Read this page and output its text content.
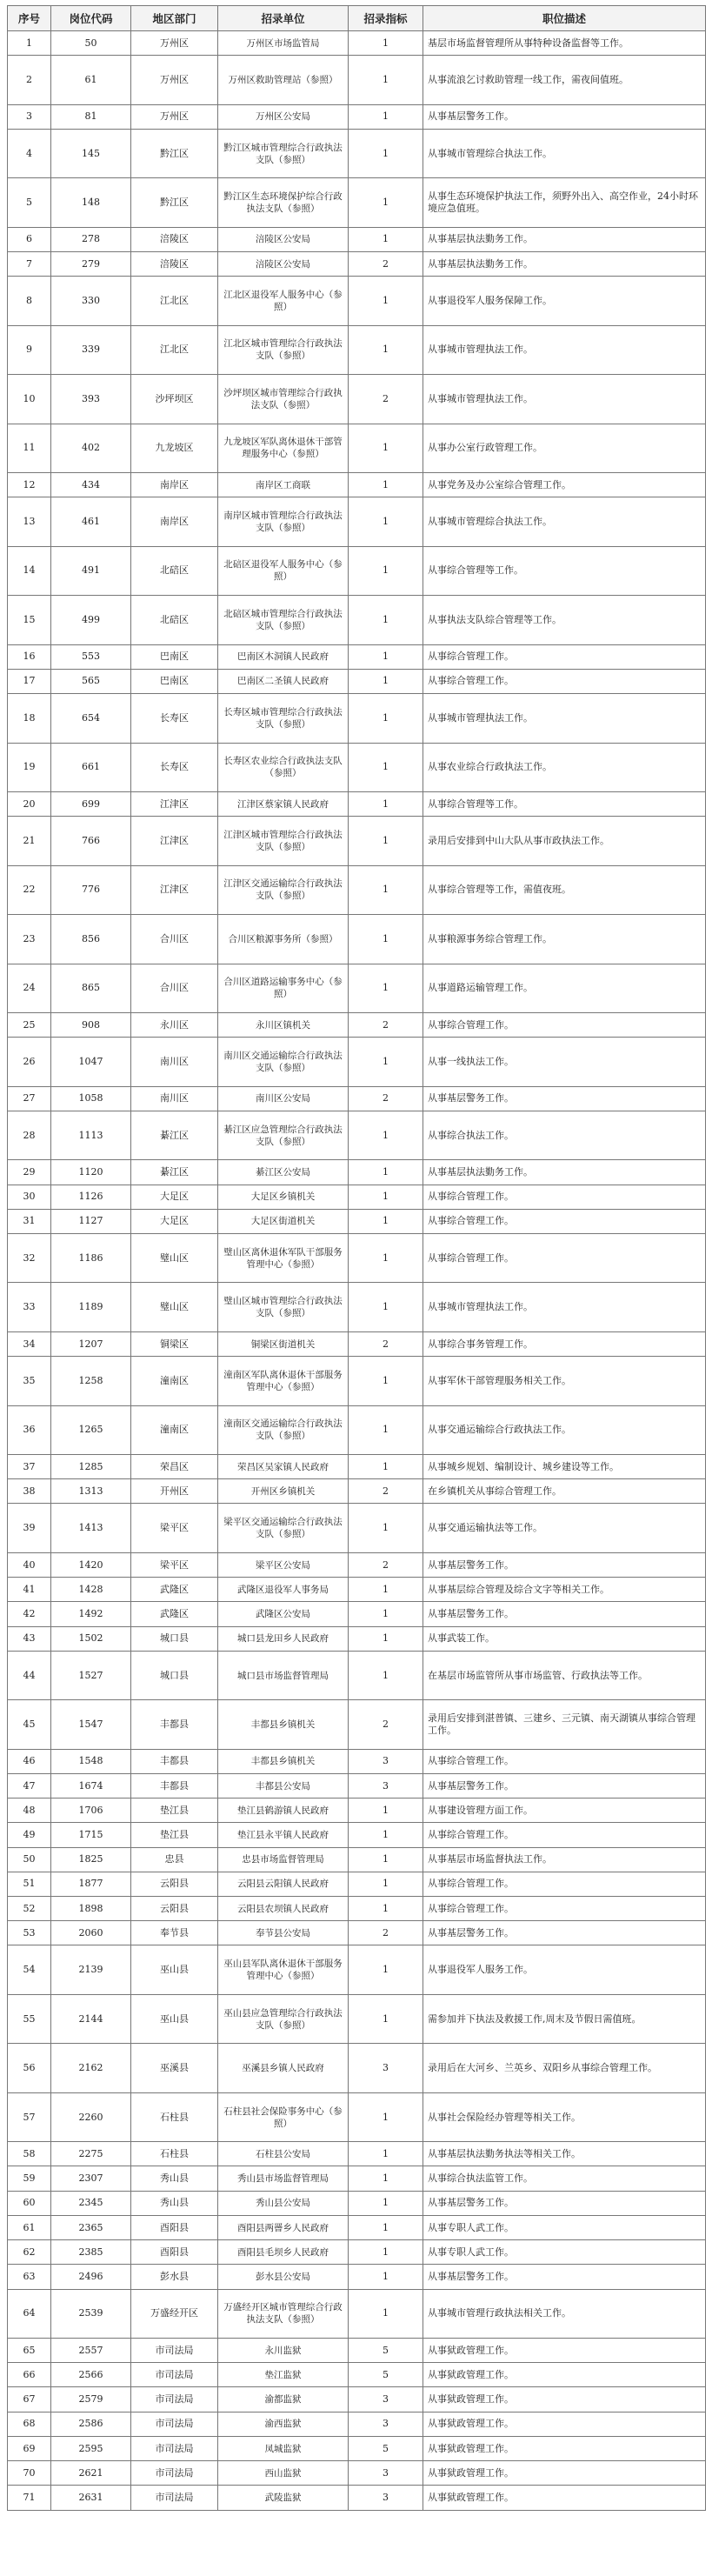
序号	岗位代码	地区部门	招录单位	招录指标	职位描述
1	50	万州区	万州区市场监管局	1	基层市场监督管理所从事特种设备监督等工作。
2	61	万州区	万州区救助管理站（参照）	1	从事流浪乞讨救助管理一线工作，需夜间值班。
3	81	万州区	万州区公安局	1	从事基层警务工作。
4	145	黔江区	黔江区城市管理综合行政执法支队（参照）	1	从事城市管理综合执法工作。
5	148	黔江区	黔江区生态环境保护综合行政执法支队（参照）	1	从事生态环境保护执法工作，须野外出入、高空作业，24小时环境应急值班。
6	278	涪陵区	涪陵区公安局	1	从事基层执法勤务工作。
7	279	涪陵区	涪陵区公安局	2	从事基层执法勤务工作。
8	330	江北区	江北区退役军人服务中心（参照）	1	从事退役军人服务保障工作。
9	339	江北区	江北区城市管理综合行政执法支队（参照）	1	从事城市管理执法工作。
10	393	沙坪坝区	沙坪坝区城市管理综合行政执法支队（参照）	2	从事城市管理执法工作。
11	402	九龙坡区	九龙坡区军队离休退休干部管理服务中心（参照）	1	从事办公室行政管理工作。
12	434	南岸区	南岸区工商联	1	从事党务及办公室综合管理工作。
13	461	南岸区	南岸区城市管理综合行政执法支队（参照）	1	从事城市管理综合执法工作。
14	491	北碚区	北碚区退役军人服务中心（参照）	1	从事综合管理等工作。
15	499	北碚区	北碚区城市管理综合行政执法支队（参照）	1	从事执法支队综合管理等工作。
16	553	巴南区	巴南区木洞镇人民政府	1	从事综合管理工作。
17	565	巴南区	巴南区二圣镇人民政府	1	从事综合管理工作。
18	654	长寿区	长寿区城市管理综合行政执法支队（参照）	1	从事城市管理执法工作。
19	661	长寿区	长寿区农业综合行政执法支队（参照）	1	从事农业综合行政执法工作。
20	699	江津区	江津区蔡家镇人民政府	1	从事综合管理等工作。
21	766	江津区	江津区城市管理综合行政执法支队（参照）	1	录用后安排到中山大队从事市政执法工作。
22	776	江津区	江津区交通运输综合行政执法支队（参照）	1	从事综合管理等工作，需值夜班。
23	856	合川区	合川区粮源事务所（参照）	1	从事粮源事务综合管理工作。
24	865	合川区	合川区道路运输事务中心（参照）	1	从事道路运输管理工作。
25	908	永川区	永川区镇机关	2	从事综合管理工作。
26	1047	南川区	南川区交通运输综合行政执法支队（参照）	1	从事一线执法工作。
27	1058	南川区	南川区公安局	2	从事基层警务工作。
28	1113	綦江区	綦江区应急管理综合行政执法支队（参照）	1	从事综合执法工作。
29	1120	綦江区	綦江区公安局	1	从事基层执法勤务工作。
30	1126	大足区	大足区乡镇机关	1	从事综合管理工作。
31	1127	大足区	大足区街道机关	1	从事综合管理工作。
32	1186	璧山区	璧山区离休退休军队干部服务管理中心（参照）	1	从事综合管理工作。
33	1189	璧山区	璧山区城市管理综合行政执法支队（参照）	1	从事城市管理执法工作。
34	1207	铜梁区	铜梁区街道机关	2	从事综合事务管理工作。
35	1258	潼南区	潼南区军队离休退休干部服务管理中心（参照）	1	从事军休干部管理服务相关工作。
36	1265	潼南区	潼南区交通运输综合行政执法支队（参照）	1	从事交通运输综合行政执法工作。
37	1285	荣昌区	荣昌区吴家镇人民政府	1	从事城乡规划、编制设计、城乡建设等工作。
38	1313	开州区	开州区乡镇机关	2	在乡镇机关从事综合管理工作。
39	1413	梁平区	梁平区交通运输综合行政执法支队（参照）	1	从事交通运输执法等工作。
40	1420	梁平区	梁平区公安局	2	从事基层警务工作。
41	1428	武隆区	武隆区退役军人事务局	1	从事基层综合管理及综合文字等相关工作。
42	1492	武隆区	武隆区公安局	1	从事基层警务工作。
43	1502	城口县	城口县龙田乡人民政府	1	从事武装工作。
44	1527	城口县	城口县市场监督管理局	1	在基层市场监管所从事市场监管、行政执法等工作。
45	1547	丰都县	丰都县乡镇机关	2	录用后安排到湛普镇、三建乡、三元镇、南天湖镇从事综合管理工作。
46	1548	丰都县	丰都县乡镇机关	3	从事综合管理工作。
47	1674	丰都县	丰都县公安局	3	从事基层警务工作。
48	1706	垫江县	垫江县鹤游镇人民政府	1	从事建设管理方面工作。
49	1715	垫江县	垫江县永平镇人民政府	1	从事综合管理工作。
50	1825	忠县	忠县市场监督管理局	1	从事基层市场监督执法工作。
51	1877	云阳县	云阳县云阳镇人民政府	1	从事综合管理工作。
52	1898	云阳县	云阳县农坝镇人民政府	1	从事综合管理工作。
53	2060	奉节县	奉节县公安局	2	从事基层警务工作。
54	2139	巫山县	巫山县军队离休退休干部服务管理中心（参照）	1	从事退役军人服务工作。
55	2144	巫山县	巫山县应急管理综合行政执法支队（参照）	1	需参加并下执法及救援工作,周末及节假日需值班。
56	2162	巫溪县	巫溪县乡镇人民政府	3	录用后在大河乡、兰英乡、双阳乡从事综合管理工作。
57	2260	石柱县	石柱县社会保险事务中心（参照）	1	从事社会保险经办管理等相关工作。
58	2275	石柱县	石柱县公安局	1	从事基层执法勤务执法等相关工作。
59	2307	秀山县	秀山县市场监督管理局	1	从事综合执法监管工作。
60	2345	秀山县	秀山县公安局	1	从事基层警务工作。
61	2365	酉阳县	酉阳县两罾乡人民政府	1	从事专职人武工作。
62	2385	酉阳县	酉阳县毛坝乡人民政府	1	从事专职人武工作。
63	2496	彭水县	彭水县公安局	1	从事基层警务工作。
64	2539	万盛经开区	万盛经开区城市管理综合行政执法支队（参照）	1	从事城市管理行政执法相关工作。
65	2557	市司法局	永川监狱	5	从事狱政管理工作。
66	2566	市司法局	垫江监狱	5	从事狱政管理工作。
67	2579	市司法局	渝都监狱	3	从事狱政管理工作。
68	2586	市司法局	渝西监狱	3	从事狱政管理工作。
69	2595	市司法局	凤城监狱	5	从事狱政管理工作。
70	2621	市司法局	西山监狱	3	从事狱政管理工作。
71	2631	市司法局	武陵监狱	3	从事狱政管理工作。
